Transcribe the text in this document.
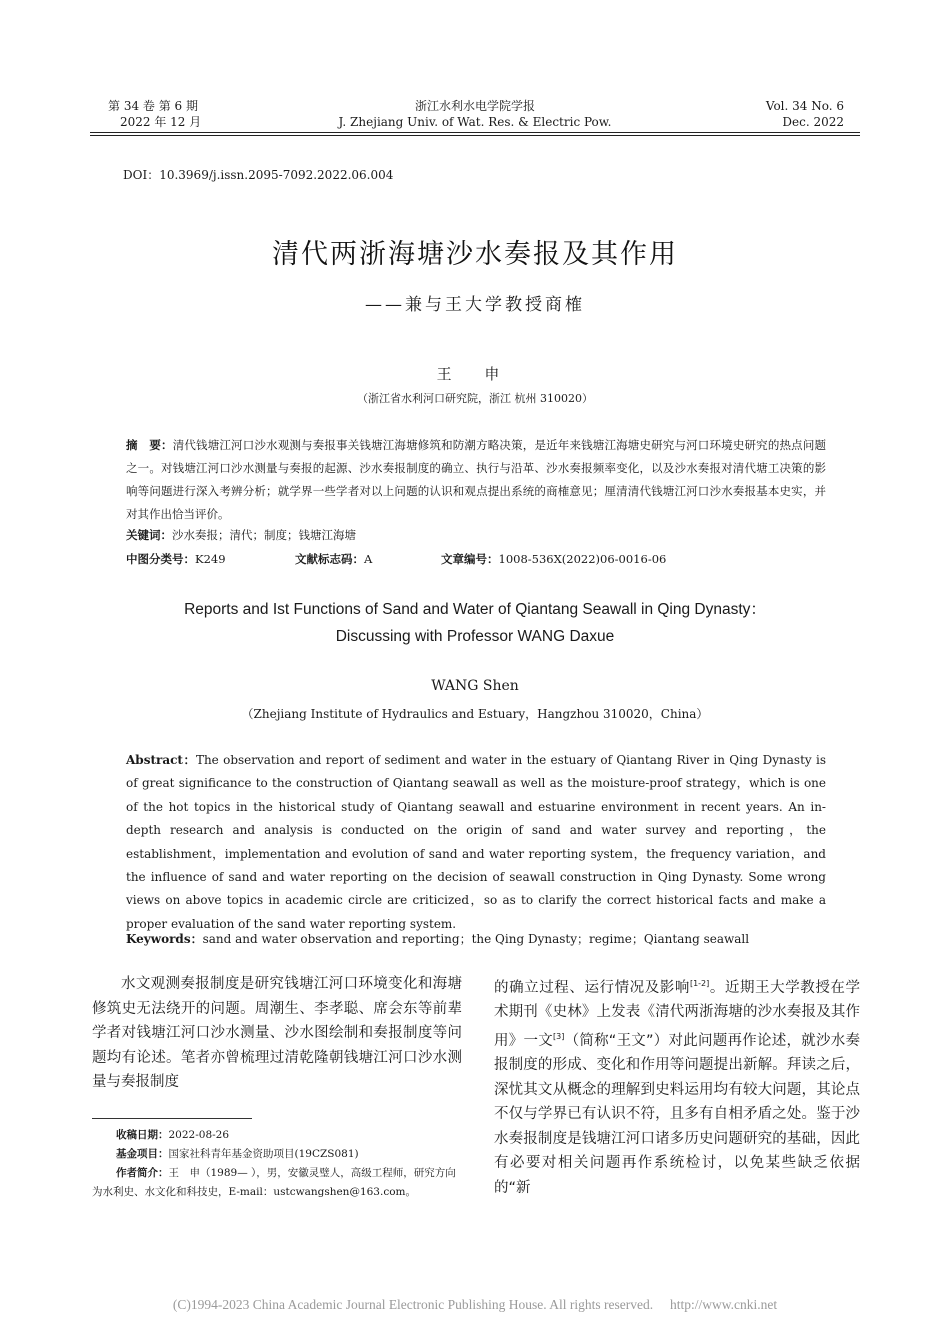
第 34 卷 第 6 期
2022 年 12 月
浙江水利水电学院学报
J. Zhejiang Univ. of Wat. Res. & Electric Pow.
Vol. 34 No. 6
Dec. 2022
DOI：10.3969/j.issn.2095-7092.2022.06.004
清代两浙海塘沙水奏报及其作用
——兼与王大学教授商榷
王 申
（浙江省水利河口研究院，浙江 杭州 310020）
摘　要：清代钱塘江河口沙水观测与奏报事关钱塘江海塘修筑和防潮方略决策，是近年来钱塘江海塘史研究与河口环境史研究的热点问题之一。对钱塘江河口沙水测量与奏报的起源、沙水奏报制度的确立、执行与沿革、沙水奏报频率变化，以及沙水奏报对清代塘工决策的影响等问题进行深入考辨分析；就学界一些学者对以上问题的认识和观点提出系统的商榷意见；厘清清代钱塘江河口沙水奏报基本史实，并对其作出恰当评价。
关键词：沙水奏报；清代；制度；钱塘江海塘
中图分类号：K249	文献标志码：A	文章编号：1008-536X(2022)06-0016-06
Reports and Ist Functions of Sand and Water of Qiantang Seawall in Qing Dynasty：
Discussing with Professor WANG Daxue
WANG Shen
（Zhejiang Institute of Hydraulics and Estuary，Hangzhou 310020，China）
Abstract：The observation and report of sediment and water in the estuary of Qiantang River in Qing Dynasty is of great significance to the construction of Qiantang seawall as well as the moisture-proof strategy，which is one of the hot topics in the historical study of Qiantang seawall and estuarine environment in recent years. An in-depth research and analysis is conducted on the origin of sand and water survey and reporting，the establishment，implementation and evolution of sand and water reporting system，the frequency variation，and the influence of sand and water reporting on the decision of seawall construction in Qing Dynasty. Some wrong views on above topics in academic circle are criticized，so as to clarify the correct historical facts and make a proper evaluation of the sand water reporting system.
Keywords：sand and water observation and reporting；the Qing Dynasty；regime；Qiantang seawall
水文观测奏报制度是研究钱塘江河口环境变化和海塘修筑史无法绕开的问题。周潮生、李孝聪、席会东等前辈学者对钱塘江河口沙水测量、沙水图绘制和奏报制度等问题均有论述。笔者亦曾梳理过清乾隆朝钱塘江河口沙水测量与奏报制度
的确立过程、运行情况及影响[1-2]。近期王大学教授在学术期刊《史林》上发表《清代两浙海塘的沙水奏报及其作用》一文[3]（简称“王文”）对此问题再作论述，就沙水奏报制度的形成、变化和作用等问题提出新解。拜读之后，深忧其文从概念的理解到史料运用均有较大问题，其论点不仅与学界已有认识不符，且多有自相矛盾之处。鉴于沙水奏报制度是钱塘江河口诸多历史问题研究的基础，因此有必要对相关问题再作系统检讨，以免某些缺乏依据的“新
收稿日期：2022-08-26
基金项目：国家社科青年基金资助项目(19CZS081)
作者简介：王　申（1989— ），男，安徽灵璧人，高级工程师，研究方向为水利史、水文化和科技史，E-mail：ustcwangshen@163.com。
(C)1994-2023 China Academic Journal Electronic Publishing House. All rights reserved.     http://www.cnki.net
